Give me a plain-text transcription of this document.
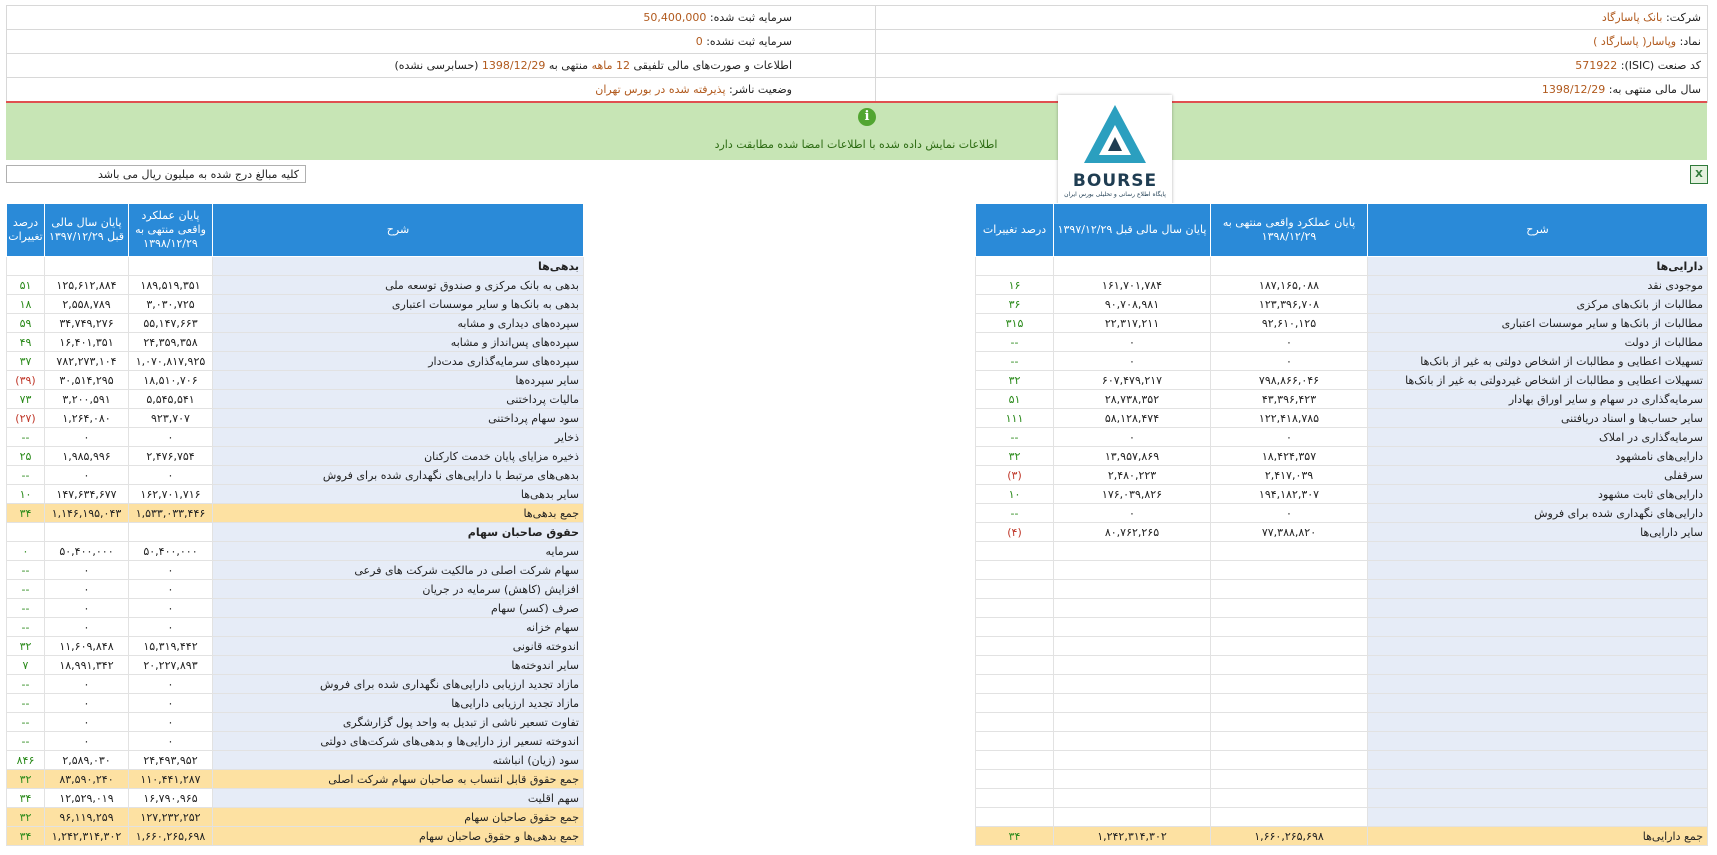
شرکت: بانک پاسارگاد
سرمایه ثبت شده: 50,400,000
نماد: وپاسار( پاسارگاد )
سرمایه ثبت نشده: 0
کد صنعت (ISIC): 571922
اطلاعات و صورت‌های مالی تلفیقی 12 ماهه منتهی به 1398/12/29 (حسابرسی نشده)
سال مالی منتهی به: 1398/12/29
وضعیت ناشر: پذیرفته شده در بورس تهران
i
اطلاعات نمایش داده شده با اطلاعات امضا شده مطابقت دارد
BOURSE
پایگاه اطلاع رسانی و تحلیلی بورس ایران
کلیه مبالغ درج شده به میلیون ریال می باشد	X
درصد تغییرات	پایان سال مالی قبل ۱۳۹۷/۱۲/۲۹	پایان عملکرد واقعی منتهی به ۱۳۹۸/۱۲/۲۹	شرح
			دارایی‌ها
۱۶	۱۶۱,۷۰۱,۷۸۴	۱۸۷,۱۶۵,۰۸۸	موجودی نقد
۳۶	۹۰,۷۰۸,۹۸۱	۱۲۳,۳۹۶,۷۰۸	مطالبات از بانک‌های مرکزی
۳۱۵	۲۲,۳۱۷,۲۱۱	۹۲,۶۱۰,۱۲۵	مطالبات از بانک‌ها و سایر موسسات اعتباری
--	۰	۰	مطالبات از دولت
--	۰	۰	تسهیلات اعطایی و مطالبات از اشخاص دولتی به غیر از بانک‌ها
۳۲	۶۰۷,۴۷۹,۲۱۷	۷۹۸,۸۶۶,۰۴۶	تسهیلات اعطایی و مطالبات از اشخاص غیردولتی به غیر از بانک‌ها
۵۱	۲۸,۷۳۸,۳۵۲	۴۳,۳۹۶,۴۲۳	سرمایه‌گذاری در سهام و سایر اوراق بهادار
۱۱۱	۵۸,۱۲۸,۴۷۴	۱۲۲,۴۱۸,۷۸۵	سایر حساب‌ها و اسناد دریافتنی
--	۰	۰	سرمایه‌گذاری در املاک
۳۲	۱۳,۹۵۷,۸۶۹	۱۸,۴۲۴,۳۵۷	دارایی‌های نامشهود
(۳)	۲,۴۸۰,۲۲۳	۲,۴۱۷,۰۳۹	سرقفلی
۱۰	۱۷۶,۰۳۹,۸۲۶	۱۹۴,۱۸۲,۳۰۷	دارایی‌های ثابت مشهود
--	۰	۰	دارایی‌های نگهداری شده برای فروش
(۴)	۸۰,۷۶۲,۲۶۵	۷۷,۳۸۸,۸۲۰	سایر دارایی‌ها

۳۴	۱,۲۴۲,۳۱۴,۳۰۲	۱,۶۶۰,۲۶۵,۶۹۸	جمع دارایی‌ها
درصد تغییرات	پایان سال مالی قبل ۱۳۹۷/۱۲/۲۹	پایان عملکرد واقعی منتهی به ۱۳۹۸/۱۲/۲۹	شرح
			بدهی‌ها
۵۱	۱۲۵,۶۱۲,۸۸۴	۱۸۹,۵۱۹,۳۵۱	بدهی به بانک مرکزی و صندوق توسعه ملی
۱۸	۲,۵۵۸,۷۸۹	۳,۰۳۰,۷۲۵	بدهی به بانک‌ها و سایر موسسات اعتباری
۵۹	۳۴,۷۴۹,۲۷۶	۵۵,۱۴۷,۶۶۳	سپرده‌های دیداری و مشابه
۴۹	۱۶,۴۰۱,۳۵۱	۲۴,۳۵۹,۳۵۸	سپرده‌های پس‌انداز و مشابه
۳۷	۷۸۲,۲۷۳,۱۰۴	۱,۰۷۰,۸۱۷,۹۲۵	سپرده‌های سرمایه‌گذاری مدت‌دار
(۳۹)	۳۰,۵۱۴,۲۹۵	۱۸,۵۱۰,۷۰۶	سایر سپرده‌ها
۷۳	۳,۲۰۰,۵۹۱	۵,۵۴۵,۵۴۱	مالیات پرداختنی
(۲۷)	۱,۲۶۴,۰۸۰	۹۲۳,۷۰۷	سود سهام پرداختنی
--	۰	۰	ذخایر
۲۵	۱,۹۸۵,۹۹۶	۲,۴۷۶,۷۵۴	ذخیره مزایای پایان خدمت کارکنان
--	۰	۰	بدهی‌های مرتبط با دارایی‌های نگهداری شده برای فروش
۱۰	۱۴۷,۶۳۴,۶۷۷	۱۶۲,۷۰۱,۷۱۶	سایر بدهی‌ها
۳۴	۱,۱۴۶,۱۹۵,۰۴۳	۱,۵۳۳,۰۳۳,۴۴۶	جمع بدهی‌ها
			حقوق صاحبان سهام
۰	۵۰,۴۰۰,۰۰۰	۵۰,۴۰۰,۰۰۰	سرمایه
--	۰	۰	سهام شرکت اصلی در مالکیت شرکت های فرعی
--	۰	۰	افزایش (کاهش) سرمایه در جریان
--	۰	۰	صرف (کسر) سهام
--	۰	۰	سهام خزانه
۳۲	۱۱,۶۰۹,۸۴۸	۱۵,۳۱۹,۴۴۲	اندوخته قانونی
۷	۱۸,۹۹۱,۳۴۲	۲۰,۲۲۷,۸۹۳	سایر اندوخته‌ها
--	۰	۰	مازاد تجدید ارزیابی دارایی‌های نگهداری شده برای فروش
--	۰	۰	مازاد تجدید ارزیابی دارایی‌ها
--	۰	۰	تفاوت تسعیر ناشی از تبدیل به واحد پول گزارشگری
--	۰	۰	اندوخته تسعیر ارز دارایی‌ها و بدهی‌های شرکت‌های دولتی
۸۴۶	۲,۵۸۹,۰۳۰	۲۴,۴۹۳,۹۵۲	سود (زیان) انباشته
۳۲	۸۳,۵۹۰,۲۴۰	۱۱۰,۴۴۱,۲۸۷	جمع حقوق قابل انتساب به صاحبان سهام شرکت اصلی
۳۴	۱۲,۵۲۹,۰۱۹	۱۶,۷۹۰,۹۶۵	سهم اقلیت
۳۲	۹۶,۱۱۹,۲۵۹	۱۲۷,۲۳۲,۲۵۲	جمع حقوق صاحبان سهام
۳۴	۱,۲۴۲,۳۱۴,۳۰۲	۱,۶۶۰,۲۶۵,۶۹۸	جمع بدهی‌ها و حقوق صاحبان سهام
